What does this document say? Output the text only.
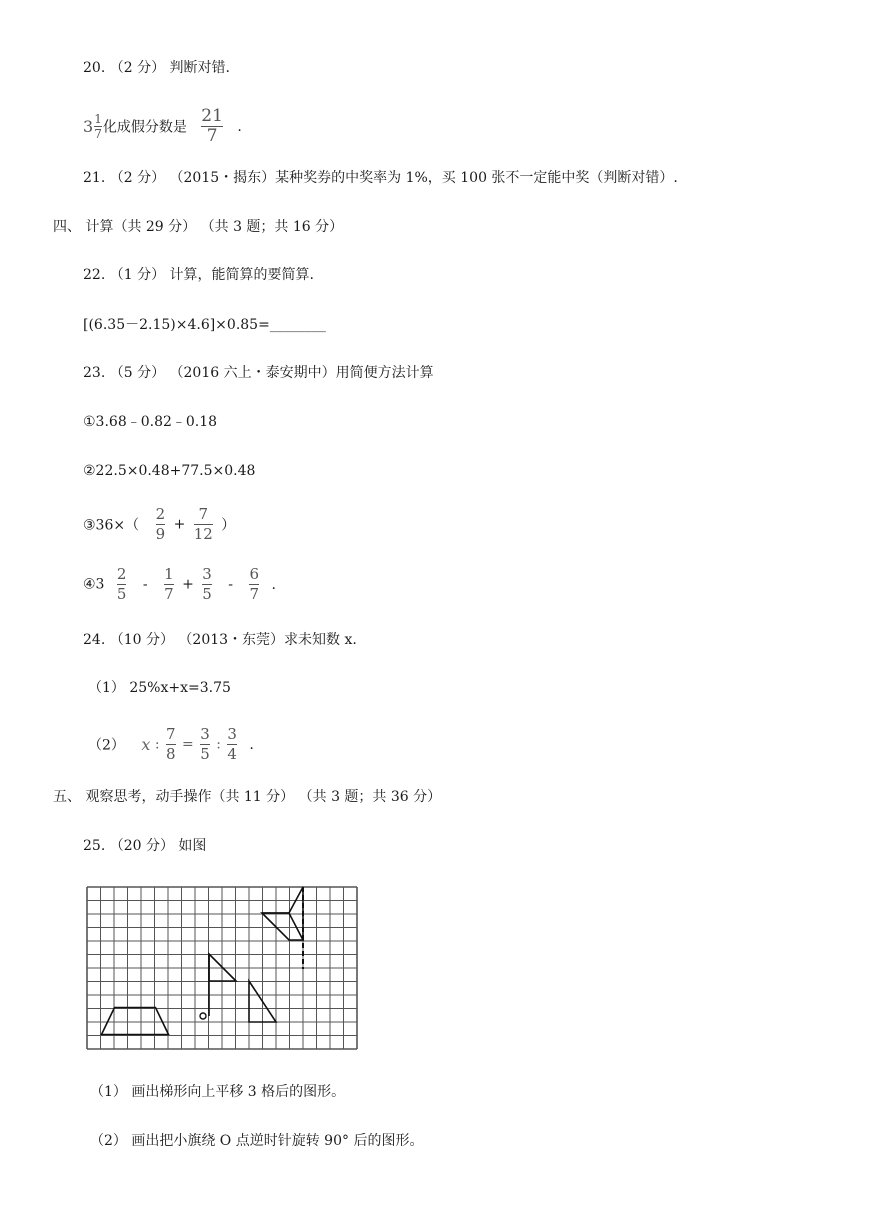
20. （2 分） 判断对错.
$3 \frac{1}{7}$ 化成假分数是 $\frac{21}{7}$ .
21. （2 分） （2015・揭东）某种奖券的中奖率为 1%，买 100 张不一定能中奖（判断对错）.
四、 计算（共 29 分） （共 3 题；共 16 分）
22. （1 分） 计算，能简算的要简算.
[(6.35－2.15)×4.6]×0.85=________
23. （5 分） （2016 六上・泰安期中）用简便方法计算
①3.68﹣0.82﹣0.18
②22.5×0.48+77.5×0.48
③36×（ $\frac{2}{9} + \frac{7}{12}$ ）
④3 $\frac{2}{5} - \frac{1}{7} + \frac{3}{5} - \frac{6}{7}$ .
24. （10 分） （2013・东莞）求未知数 x.
（1） 25%x+x=3.75
（2） x : $\frac{7}{8} = \frac{3}{5}$ : $\frac{3}{4}$ .
五、 观察思考，动手操作（共 11 分） （共 3 题；共 36 分）
25. （20 分） 如图
（1） 画出梯形向上平移 3 格后的图形。
（2） 画出把小旗绕 O 点逆时针旋转 90° 后的图形。
